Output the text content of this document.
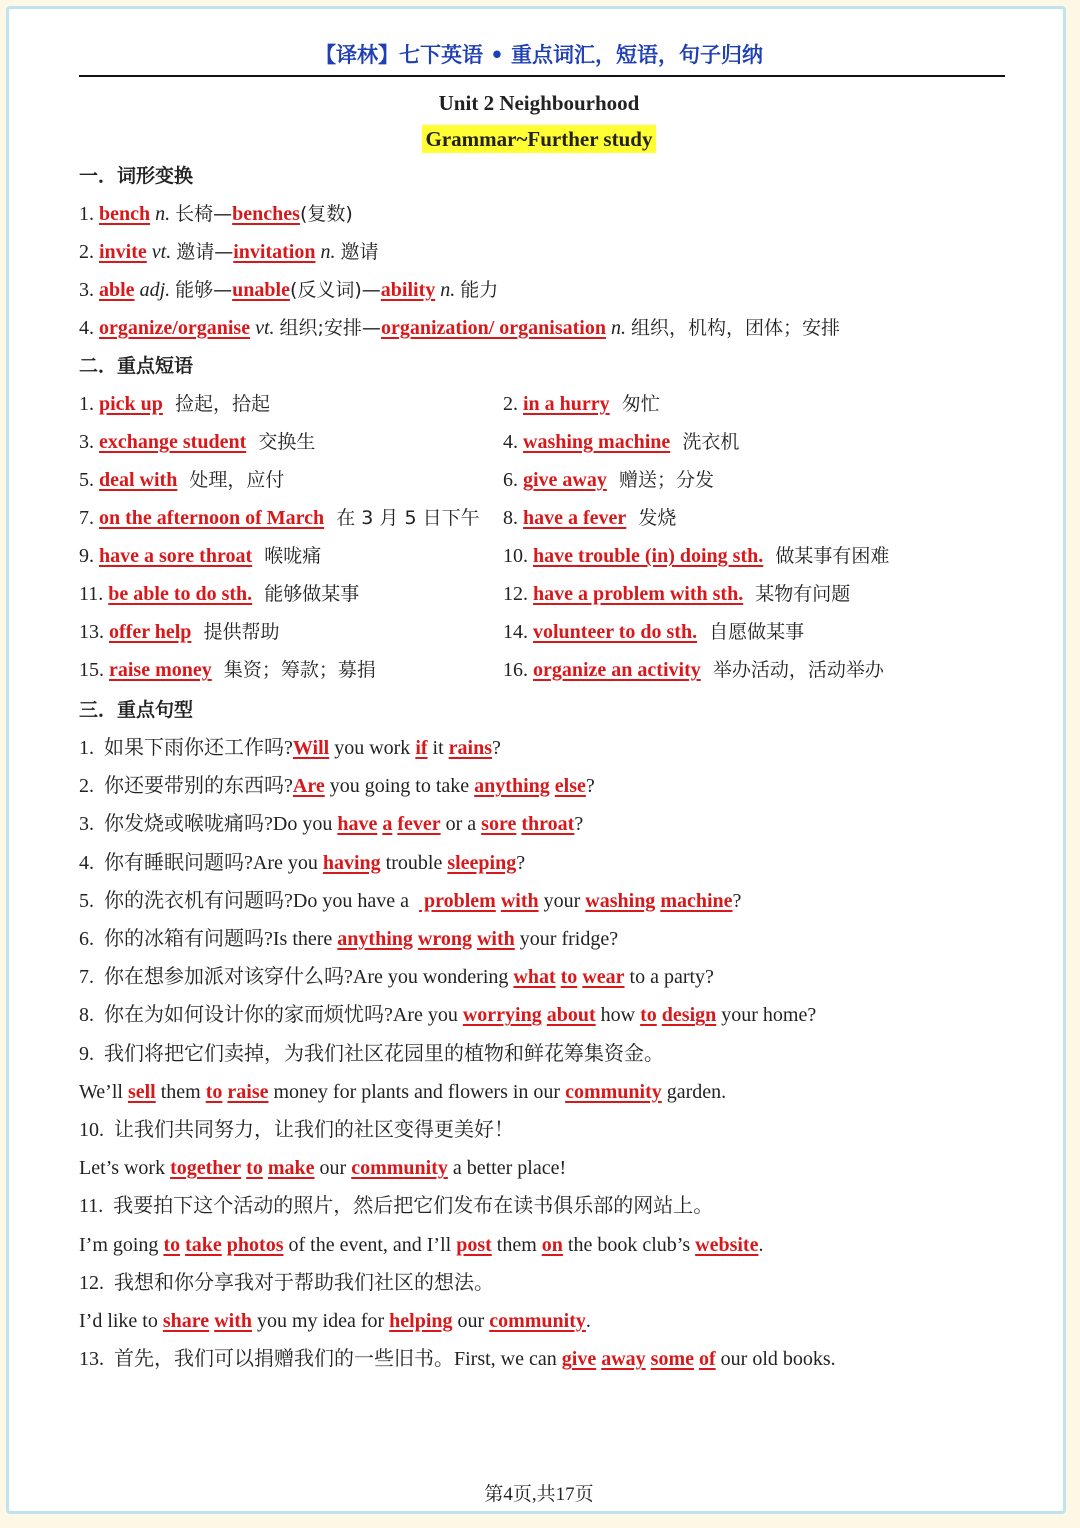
【译林】七下英语 • 重点词汇，短语，句子归纳
Unit 2 Neighbourhood
Grammar~Further study
一．词形变换
1. bench n. 长椅—benches(复数)
2. invite vt. 邀请—invitation n. 邀请
3. able adj. 能够—unable(反义词)—ability n. 能力
4. organize/organise vt. 组织;安排—organization/ organisation n. 组织，机构，团体；安排
二．重点短语
1. pick up  捡起，拾起	2. in a hurry  匆忙
3. exchange student  交换生	4. washing machine  洗衣机
5. deal with  处理，应付	6. give away  赠送；分发
7. on the afternoon of March  在 3 月 5 日下午 8. have a fever  发烧
9. have a sore throat  喉咙痛	10. have trouble (in) doing sth.  做某事有困难
11. be able to do sth.  能够做某事	12. have a problem with sth.  某物有问题
13. offer help  提供帮助	14. volunteer to do sth.  自愿做某事
15. raise money  集资；筹款；募捐	16. organize an activity  举办活动，活动举办
三．重点句型
1.  如果下雨你还工作吗?Will you work if it rains?
2.  你还要带别的东西吗?Are you going to take anything else?
3.  你发烧或喉咙痛吗?Do you have a fever or a sore throat?
4.  你有睡眠问题吗?Are you having trouble sleeping?
5.  你的洗衣机有问题吗?Do you have a   problem with your washing machine?
6.  你的冰箱有问题吗?Is there anything wrong with your fridge?
7.  你在想参加派对该穿什么吗?Are you wondering what to wear to a party?
8.  你在为如何设计你的家而烦忧吗?Are you worrying about how to design your home?
9.  我们将把它们卖掉，为我们社区花园里的植物和鲜花筹集资金。
We’ll sell them to raise money for plants and flowers in our community garden.
10.  让我们共同努力，让我们的社区变得更美好！
Let’s work together to make our community a better place!
11.  我要拍下这个活动的照片，然后把它们发布在读书俱乐部的网站上。
I’m going to take photos of the event, and I’ll post them on the book club’s website.
12.  我想和你分享我对于帮助我们社区的想法。
I’d like to share with you my idea for helping our community.
13.  首先，我们可以捐赠我们的一些旧书。First, we can give away some of our old books.
第4页,共17页
